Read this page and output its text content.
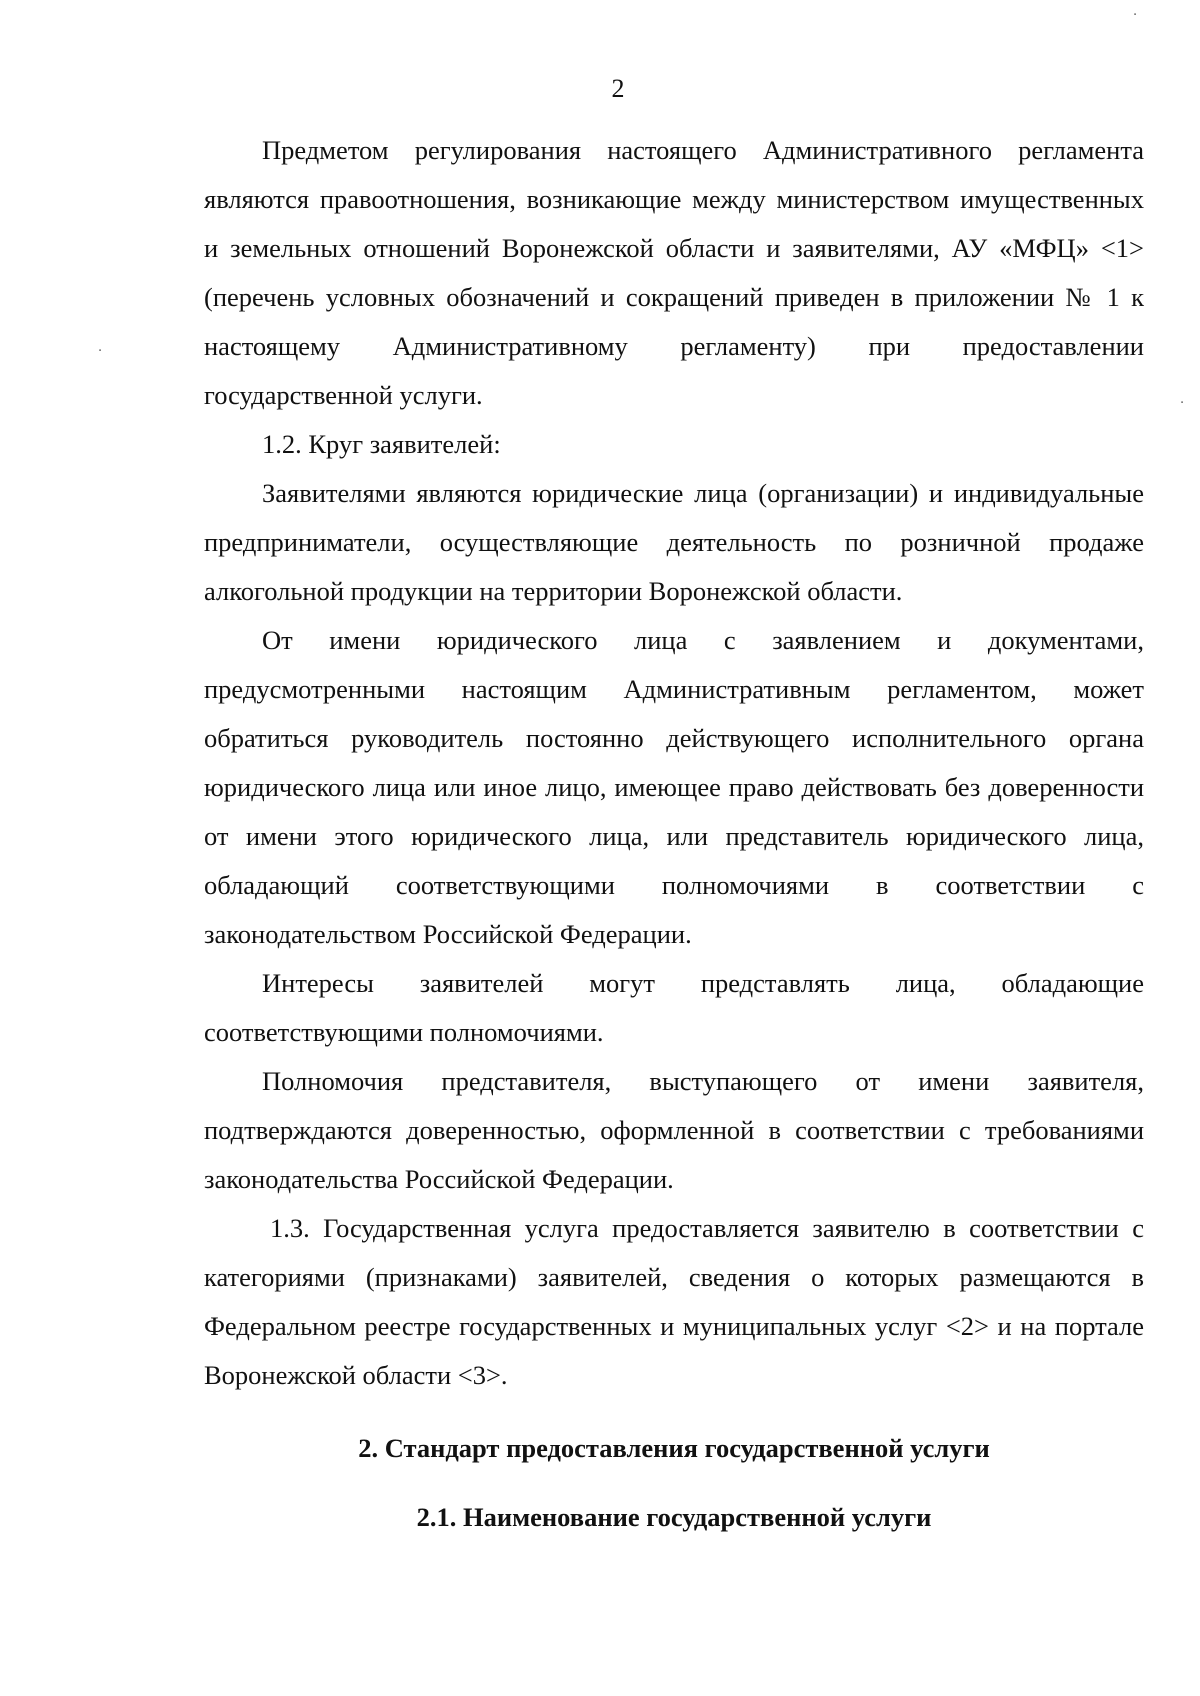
2

Предметом регулирования настоящего Административного регламента являются правоотношения, возникающие между министерством имущественных и земельных отношений Воронежской области и заявителями, АУ «МФЦ» <1> (перечень условных обозначений и сокращений приведен в приложении № 1 к настоящему Административному регламенту) при предоставлении государственной услуги.

1.2. Круг заявителей:

Заявителями являются юридические лица (организации) и индивидуальные предприниматели, осуществляющие деятельность по розничной продаже алкогольной продукции на территории Воронежской области.

От имени юридического лица с заявлением и документами, предусмотренными настоящим Административным регламентом, может обратиться руководитель постоянно действующего исполнительного органа юридического лица или иное лицо, имеющее право действовать без доверенности от имени этого юридического лица, или представитель юридического лица, обладающий соответствующими полномочиями в соответствии с законодательством Российской Федерации.

Интересы заявителей могут представлять лица, обладающие соответствующими полномочиями.

Полномочия представителя, выступающего от имени заявителя, подтверждаются доверенностью, оформленной в соответствии с требованиями законодательства Российской Федерации.

1.3. Государственная услуга предоставляется заявителю в соответствии с категориями (признаками) заявителей, сведения о которых размещаются в Федеральном реестре государственных и муниципальных услуг <2> и на портале Воронежской области <3>.

2. Стандарт предоставления государственной услуги
2.1. Наименование государственной услуги
·
·
·
